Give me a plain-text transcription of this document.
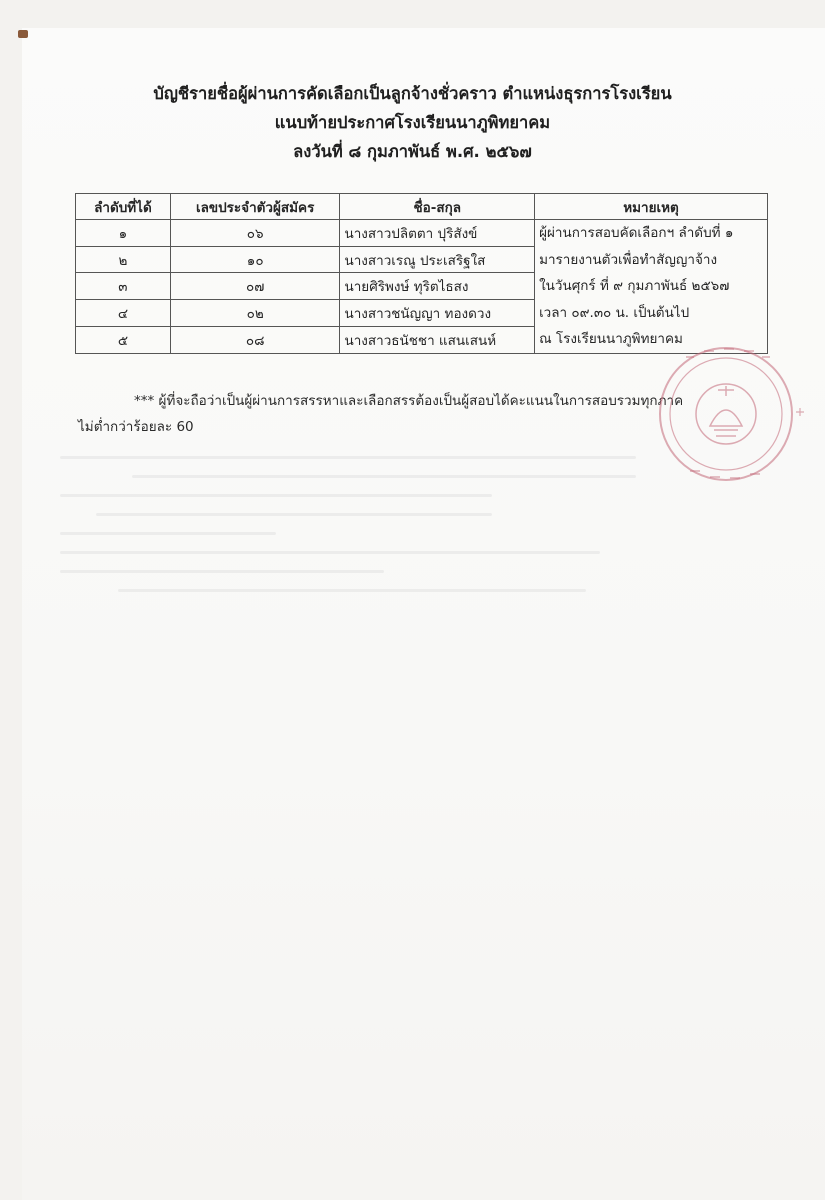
บัญชีรายชื่อผู้ผ่านการคัดเลือกเป็นลูกจ้างชั่วคราว ตำแหน่งธุรการโรงเรียน
แนบท้ายประกาศโรงเรียนนาภูพิทยาคม
ลงวันที่ ๘ กุมภาพันธ์ พ.ศ. ๒๕๖๗
ลำดับที่ได้	เลขประจำตัวผู้สมัคร	ชื่อ-สกุล	หมายเหตุ
๑	๐๖	นางสาวปลิตตา ปุริสังข์	ผู้ผ่านการสอบคัดเลือกฯ ลำดับที่ ๑
มารายงานตัวเพื่อทำสัญญาจ้าง
ในวันศุกร์ ที่ ๙ กุมภาพันธ์ ๒๕๖๗
เวลา ๐๙.๓๐ น. เป็นต้นไป
ณ โรงเรียนนาภูพิทยาคม

๒	๑๐	นางสาวเรณู ประเสริฐใส	
๓	๐๗	นายศิริพงษ์ ทุริตไธสง	
๔	๐๒	นางสาวชนัญญา ทองดวง	
๕	๐๘	นางสาวธนัชชา แสนเสนห์	
*** ผู้ที่จะถือว่าเป็นผู้ผ่านการสรรหาและเลือกสรรต้องเป็นผู้สอบได้คะแนนในการสอบรวมทุกภาค
ไม่ต่ำกว่าร้อยละ 60
